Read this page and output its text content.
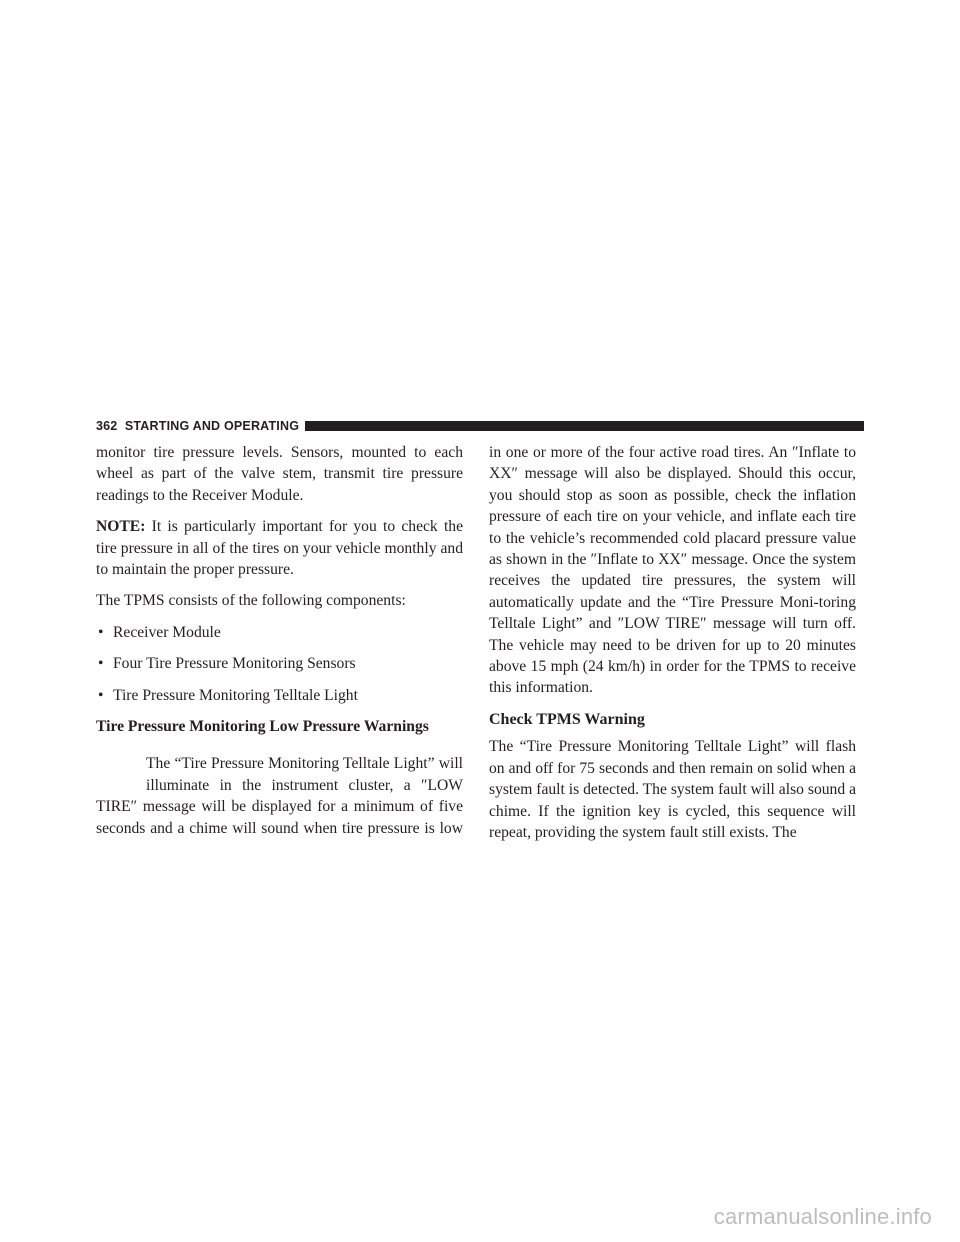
362 STARTING AND OPERATING

monitor tire pressure levels. Sensors, mounted to each wheel as part of the valve stem, transmit tire pressure readings to the Receiver Module.

NOTE: It is particularly important for you to check the tire pressure in all of the tires on your vehicle monthly and to maintain the proper pressure.

The TPMS consists of the following components:

• Receiver Module
• Four Tire Pressure Monitoring Sensors
• Tire Pressure Monitoring Telltale Light
Tire Pressure Monitoring Low Pressure Warnings
The “Tire Pressure Monitoring Telltale Light” will
illuminate in the instrument cluster, a ″LOW
TIRE″ message will be displayed for a minimum of five
seconds and a chime will sound when tire pressure is low

in one or more of the four active road tires. An ″Inflate to XX″ message will also be displayed. Should this occur, you should stop as soon as possible, check the inflation pressure of each tire on your vehicle, and inflate each tire to the vehicle’s recommended cold placard pressure value as shown in the ″Inflate to XX″ message. Once the system receives the updated tire pressures, the system will automatically update and the “Tire Pressure Moni-toring Telltale Light” and ″LOW TIRE″ message will turn off. The vehicle may need to be driven for up to 20 minutes above 15 mph (24 km/h) in order for the TPMS to receive this information.

Check TPMS Warning

The “Tire Pressure Monitoring Telltale Light” will flash on and off for 75 seconds and then remain on solid when a system fault is detected. The system fault will also sound a chime. If the ignition key is cycled, this sequence will repeat, providing the system fault still exists. The

carmanualsonline.info
